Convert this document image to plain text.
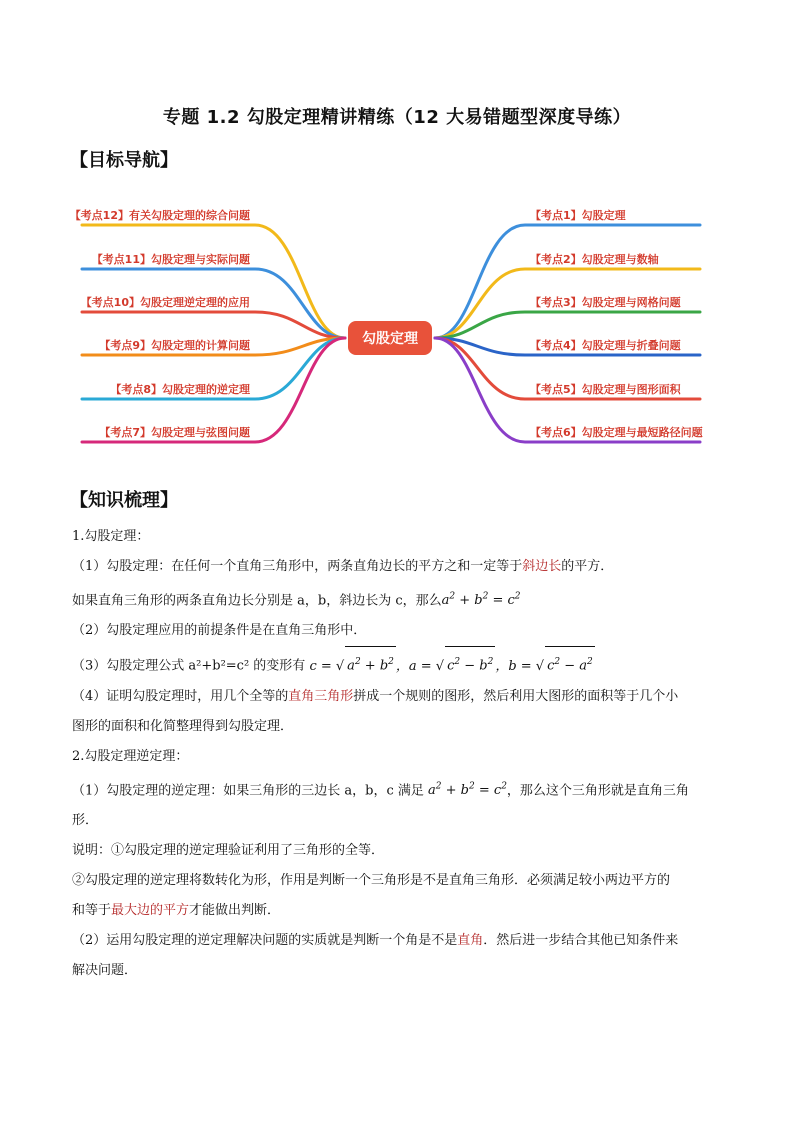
专题 1.2 勾股定理精讲精练（12 大易错题型深度导练）
【目标导航】
【考点12】有关勾股定理的综合问题
【考点11】勾股定理与实际问题
【考点10】勾股定理逆定理的应用
【考点9】勾股定理的计算问题
【考点8】勾股定理的逆定理
【考点7】勾股定理与弦图问题
【考点1】勾股定理
【考点2】勾股定理与数轴
【考点3】勾股定理与网格问题
【考点4】勾股定理与折叠问题
【考点5】勾股定理与图形面积
【考点6】勾股定理与最短路径问题
勾股定理
【知识梳理】

1.勾股定理：

（1）勾股定理：在任何一个直角三角形中，两条直角边长的平方之和一定等于斜边长的平方．

如果直角三角形的两条直角边长分别是 a，b，斜边长为 c，那么$a^2 + b^2 = c^2$

（2）勾股定理应用的前提条件是在直角三角形中．

（3）勾股定理公式 a²+b²=c² 的变形有 c = √ $a^2 + b^2$ ，a = √ $c^2 - b^2$ ，b = √ $c^2 - a^2$

（4）证明勾股定理时，用几个全等的直角三角形拼成一个规则的图形，然后利用大图形的面积等于几个小

图形的面积和化简整理得到勾股定理．

2.勾股定理逆定理：

（1）勾股定理的逆定理：如果三角形的三边长 a，b，c 满足 $a^2 + b^2 = c^2$，那么这个三角形就是直角三角

形．

说明：①勾股定理的逆定理验证利用了三角形的全等．

②勾股定理的逆定理将数转化为形，作用是判断一个三角形是不是直角三角形．必须满足较小两边平方的

和等于最大边的平方才能做出判断．

（2）运用勾股定理的逆定理解决问题的实质就是判断一个角是不是直角．然后进一步结合其他已知条件来

解决问题．
